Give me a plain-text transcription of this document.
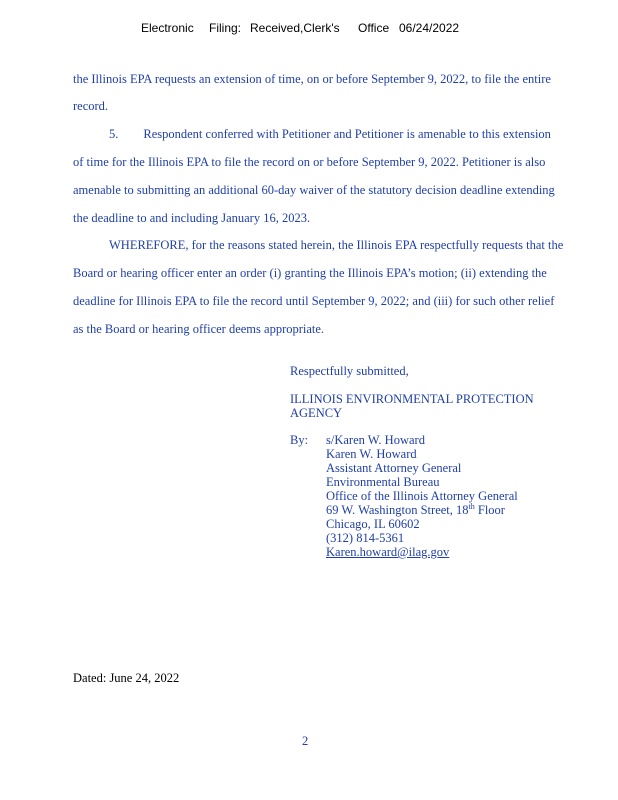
Electronic Filing: Received,Clerk's Office 06/24/2022
the Illinois EPA requests an extension of time, on or before September 9, 2022, to file the entire
record.
5.        Respondent conferred with Petitioner and Petitioner is amenable to this extension
of time for the Illinois EPA to file the record on or before September 9, 2022. Petitioner is also
amenable to submitting an additional 60-day waiver of the statutory decision deadline extending
the deadline to and including January 16, 2023.
WHEREFORE, for the reasons stated herein, the Illinois EPA respectfully requests that the
Board or hearing officer enter an order (i) granting the Illinois EPA’s motion; (ii) extending the
deadline for Illinois EPA to file the record until September 9, 2022; and (iii) for such other relief
as the Board or hearing officer deems appropriate.
Respectfully submitted,
ILLINOIS ENVIRONMENTAL PROTECTION
AGENCY
By: s/Karen W. Howard
Karen W. Howard
Assistant Attorney General
Environmental Bureau
Office of the Illinois Attorney General
69 W. Washington Street, 18th Floor
Chicago, IL 60602
(312) 814-5361
Karen.howard@ilag.gov
Dated: June 24, 2022
2
